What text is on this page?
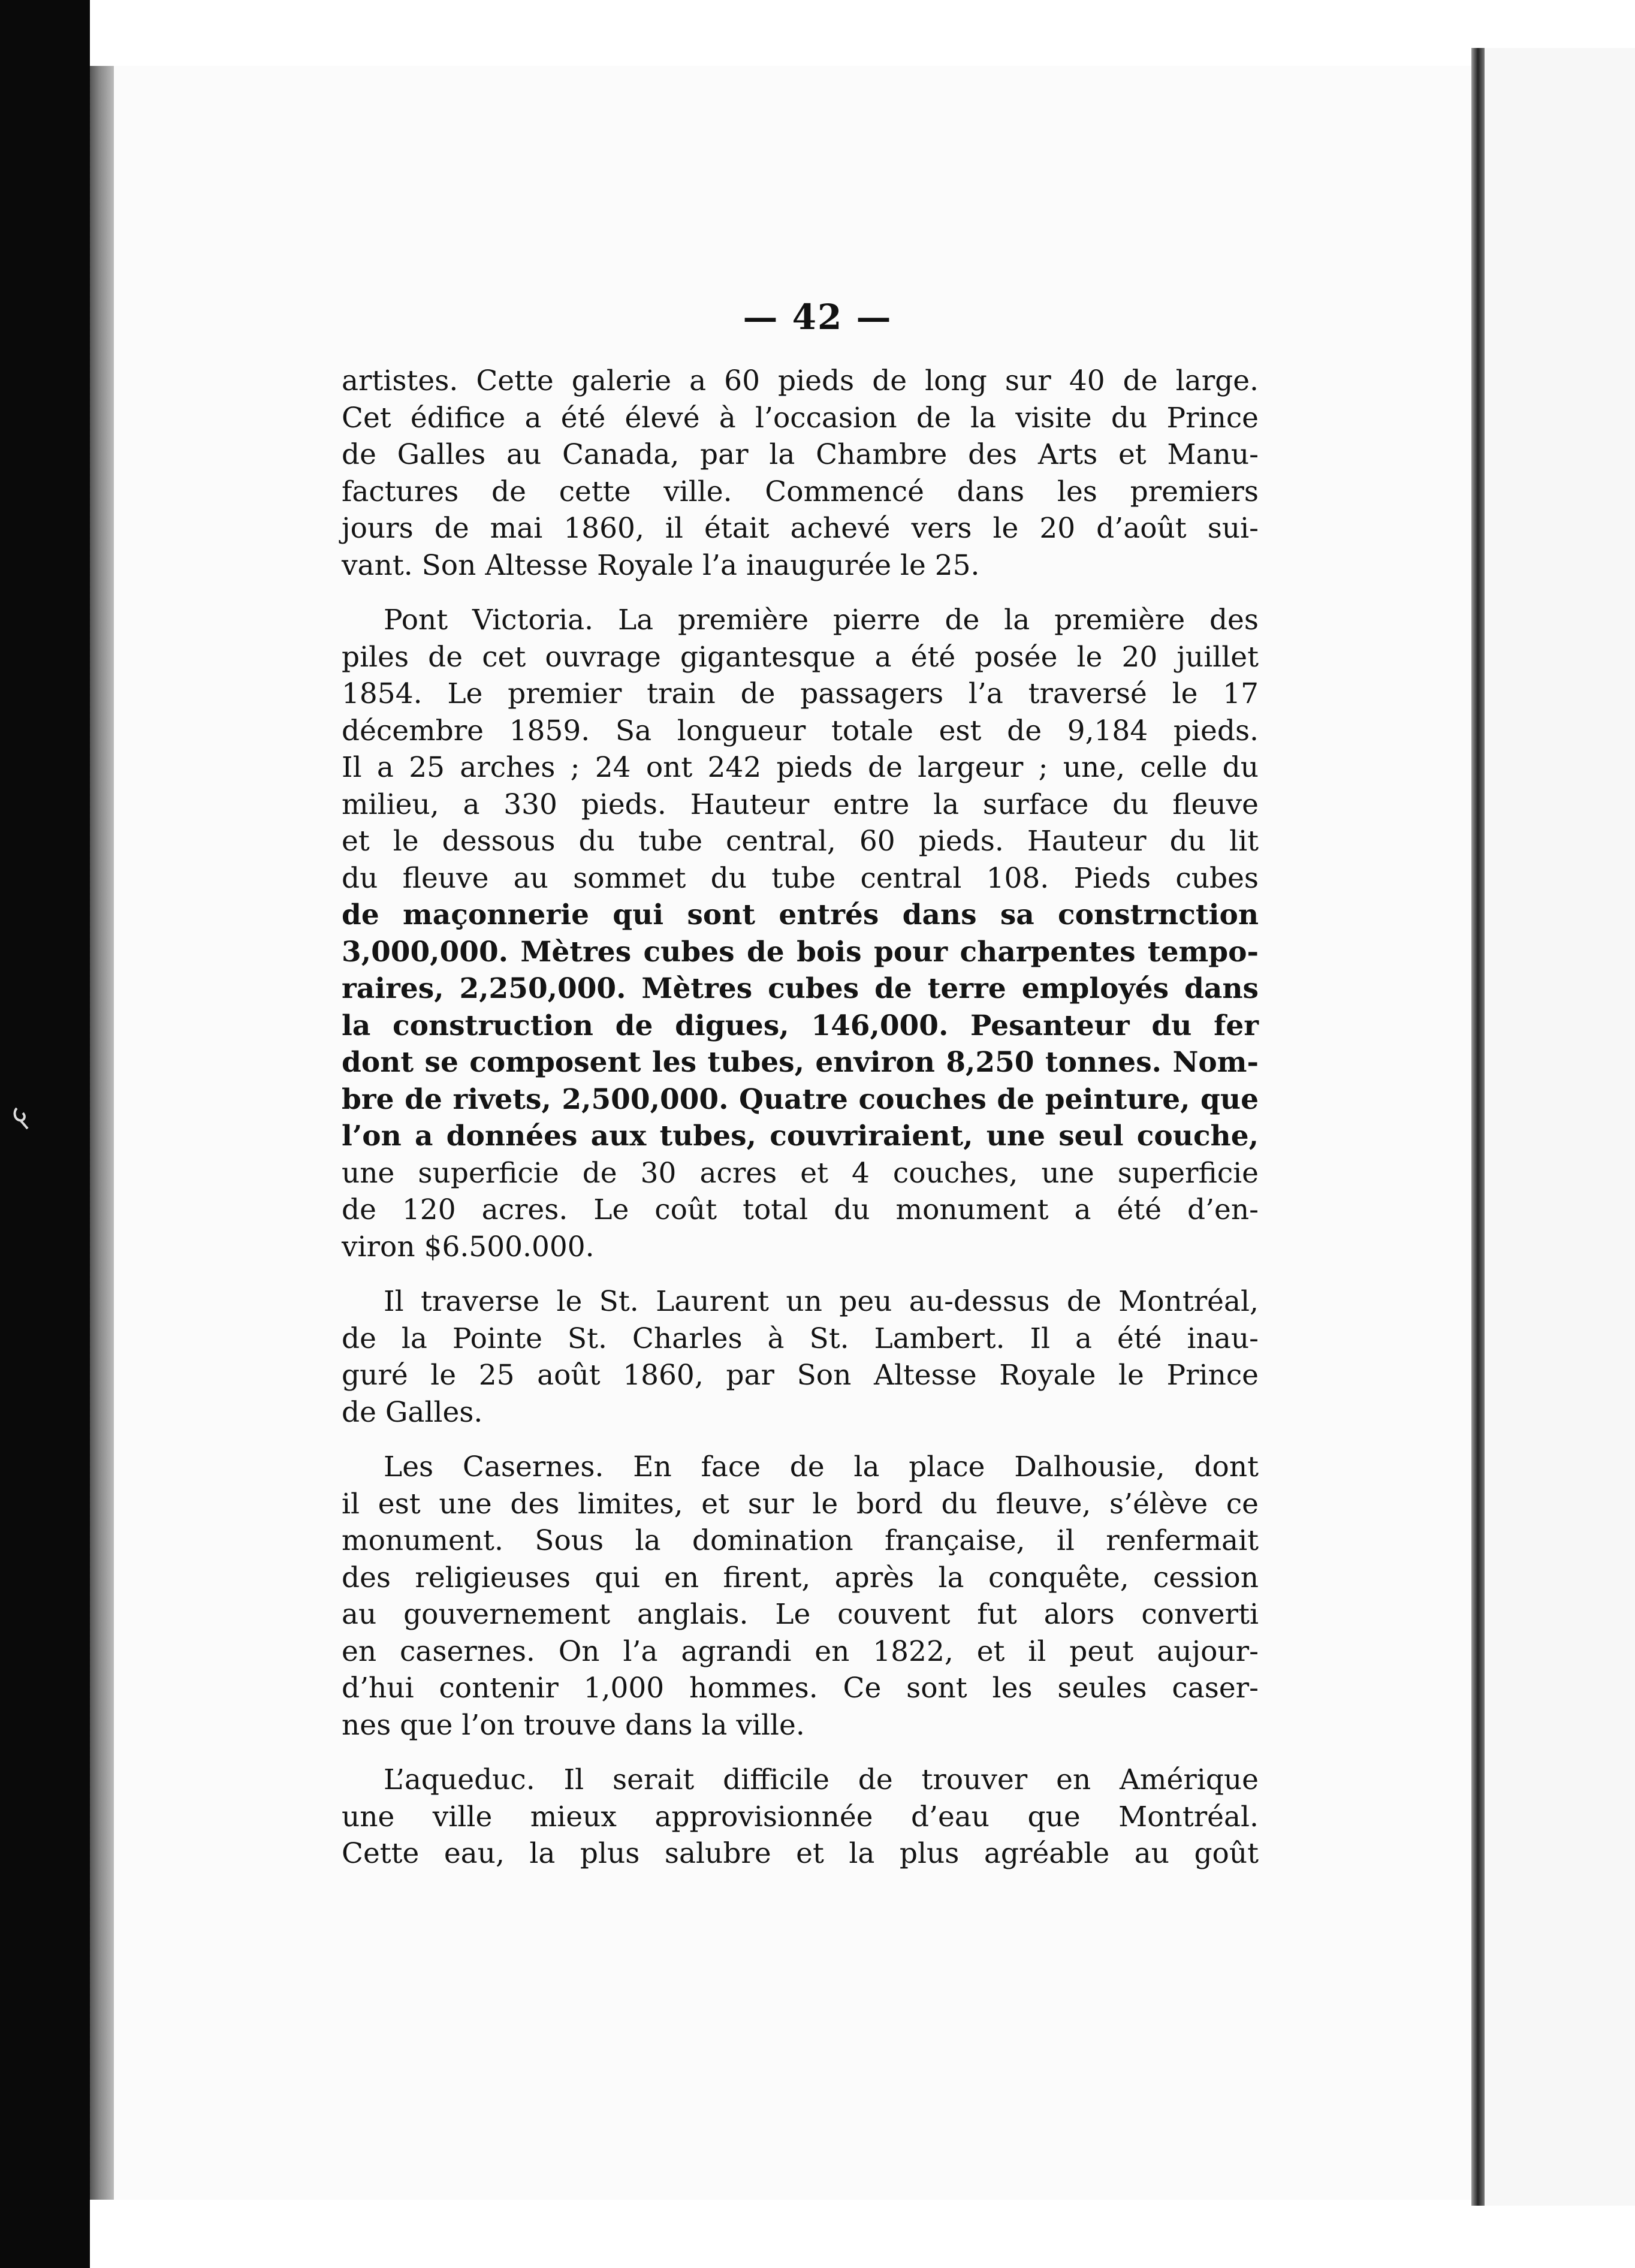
— 42 —
artistes. Cette galerie a 60 pieds de long sur 40 de large.
Cet édifice a été élevé à l’occasion de la visite du Prince
de Galles au Canada, par la Chambre des Arts et Manu-
factures de cette ville. Commencé dans les premiers
jours de mai 1860, il était achevé vers le 20 d’août sui-
vant. Son Altesse Royale l’a inaugurée le 25.
Pont Victoria. La première pierre de la première des
piles de cet ouvrage gigantesque a été posée le 20 juillet
1854. Le premier train de passagers l’a traversé le 17
décembre 1859. Sa longueur totale est de 9,184 pieds.
Il a 25 arches ; 24 ont 242 pieds de largeur ; une, celle du
milieu, a 330 pieds. Hauteur entre la surface du fleuve
et le dessous du tube central, 60 pieds. Hauteur du lit
du fleuve au sommet du tube central 108. Pieds cubes
de maçonnerie qui sont entrés dans sa constrnction
3,000,000. Mètres cubes de bois pour charpentes tempo-
raires, 2,250,000. Mètres cubes de terre employés dans
la construction de digues, 146,000. Pesanteur du fer
dont se composent les tubes, environ 8,250 tonnes. Nom-
bre de rivets, 2,500,000. Quatre couches de peinture, que
l’on a données aux tubes, couvriraient, une seul couche,
une superficie de 30 acres et 4 couches, une superficie
de 120 acres. Le coût total du monument a été d’en-
viron $6.500.000.
Il traverse le St. Laurent un peu au-dessus de Montréal,
de la Pointe St. Charles à St. Lambert. Il a été inau-
guré le 25 août 1860, par Son Altesse Royale le Prince
de Galles.
Les Casernes. En face de la place Dalhousie, dont
il est une des limites, et sur le bord du fleuve, s’élève ce
monument. Sous la domination française, il renfermait
des religieuses qui en firent, après la conquête, cession
au gouvernement anglais. Le couvent fut alors converti
en casernes. On l’a agrandi en 1822, et il peut aujour-
d’hui contenir 1,000 hommes. Ce sont les seules caser-
nes que l’on trouve dans la ville.
L’aqueduc. Il serait difficile de trouver en Amérique
une ville mieux approvisionnée d’eau que Montréal.
Cette eau, la plus salubre et la plus agréable au goût
